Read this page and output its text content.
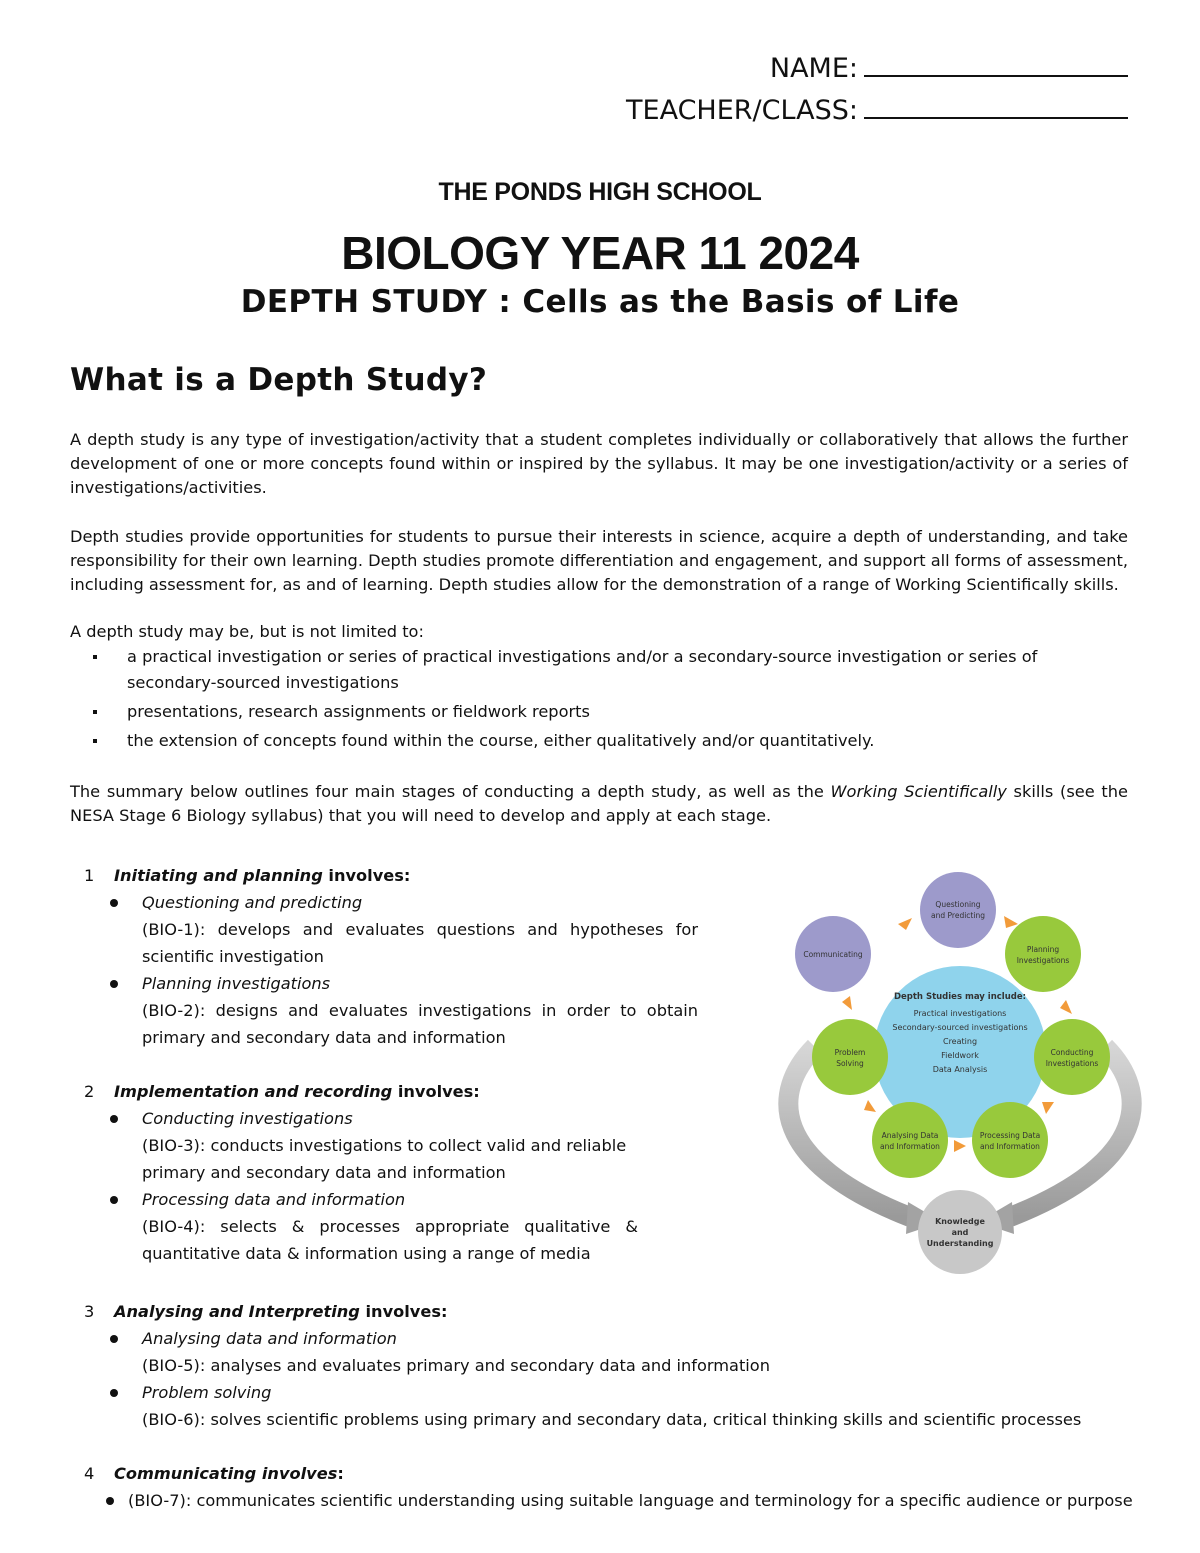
NAME:
TEACHER/CLASS:
THE PONDS HIGH SCHOOL
BIOLOGY YEAR 11 2024
DEPTH STUDY : Cells as the Basis of Life
What is a Depth Study?
A depth study is any type of investigation/activity that a student completes individually or collaboratively that allows the further development of one or more concepts found within or inspired by the syllabus. It may be one investigation/activity or a series of investigations/activities.
Depth studies provide opportunities for students to pursue their interests in science, acquire a depth of understanding, and take responsibility for their own learning. Depth studies promote differentiation and engagement, and support all forms of assessment, including assessment for, as and of learning. Depth studies allow for the demonstration of a range of Working Scientifically skills.
A depth study may be, but is not limited to:
a practical investigation or series of practical investigations and/or a secondary-source investigation or series of secondary-sourced investigations
presentations, research assignments or fieldwork reports
the extension of concepts found within the course, either qualitatively and/or quantitatively.
The summary below outlines four main stages of conducting a depth study, as well as the Working Scientifically skills (see the NESA Stage 6 Biology syllabus) that you will need to develop and apply at each stage.
1 Initiating and planning involves:
Questioning and predicting
(BIO-1): develops and evaluates questions and hypotheses for scientific investigation
Planning investigations
(BIO-2): designs and evaluates investigations in order to obtain primary and secondary data and information
2 Implementation and recording involves:
Conducting investigations
(BIO-3): conducts investigations to collect valid and reliable primary and secondary data and information
Processing data and information
(BIO-4): selects & processes appropriate qualitative & quantitative data & information using a range of media
3 Analysing and Interpreting involves:
Analysing data and information
(BIO-5): analyses and evaluates primary and secondary data and information
Problem solving
(BIO-6): solves scientific problems using primary and secondary data, critical thinking skills and scientific processes
4 Communicating involves:
(BIO-7): communicates scientific understanding using suitable language and terminology for a specific audience or purpose
Depth Studies may include:
Practical investigations
Secondary-sourced investigations
Creating
Fieldwork
Data Analysis
Questioning
and Predicting
Communicating
Planning
Investigations
Conducting
Investigations
Processing Data
and Information
Analysing Data
and Information
Problem
Solving
Knowledge
and
Understanding
